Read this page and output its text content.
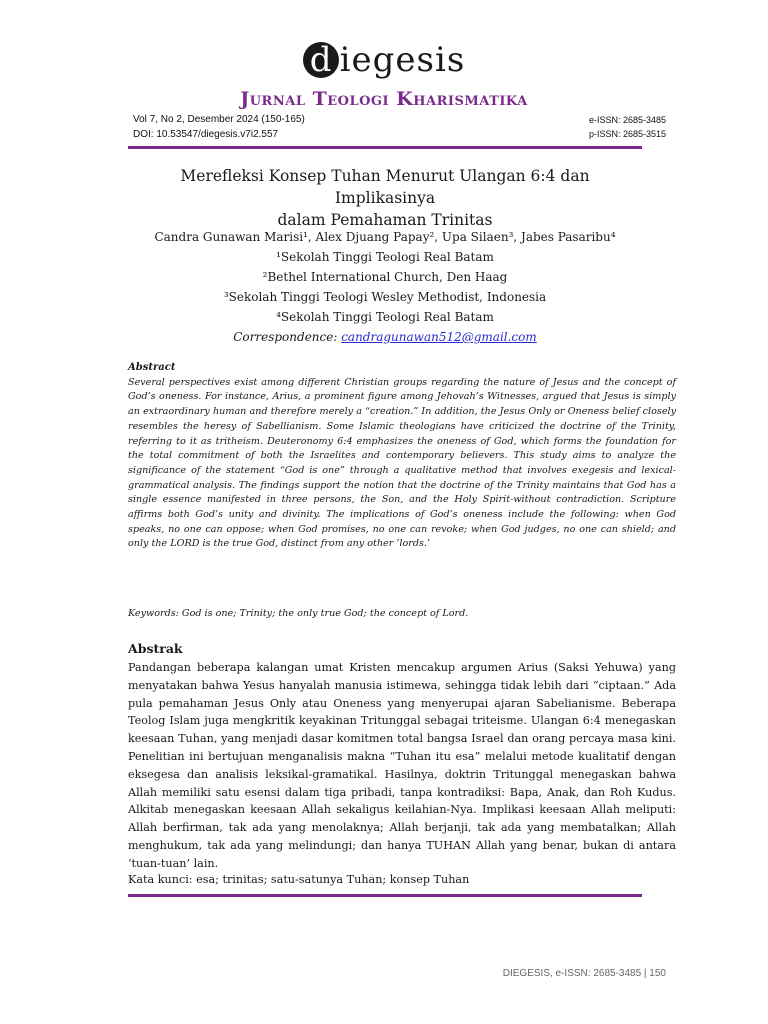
d iegesis
Jurnal Teologi Kharismatika
Vol 7, No 2, Desember 2024 (150-165)
DOI: 10.53547/diegesis.v7i2.557
e-ISSN: 2685-3485
p-ISSN: 2685-3515
Merefleksi Konsep Tuhan Menurut Ulangan 6:4 dan Implikasinya
dalam Pemahaman Trinitas
Candra Gunawan Marisi¹, Alex Djuang Papay², Upa Silaen³, Jabes Pasaribu⁴
¹Sekolah Tinggi Teologi Real Batam
²Bethel International Church, Den Haag
³Sekolah Tinggi Teologi Wesley Methodist, Indonesia
⁴Sekolah Tinggi Teologi Real Batam
Correspondence: candragunawan512@gmail.com
Abstract
Several perspectives exist among different Christian groups regarding the nature of Jesus and the concept of God’s oneness. For instance, Arius, a prominent figure among Jehovah’s Witnesses, argued that Jesus is simply an extraordinary human and therefore merely a “creation.” In addition, the Jesus Only or Oneness belief closely resembles the heresy of Sabellianism. Some Islamic theologians have criticized the doctrine of the Trinity, referring to it as tritheism. Deuteronomy 6:4 emphasizes the oneness of God, which forms the foundation for the total commitment of both the Israelites and contemporary believers. This study aims to analyze the significance of the statement “God is one” through a qualitative method that involves exegesis and lexical-grammatical analysis. The findings support the notion that the doctrine of the Trinity maintains that God has a single essence manifested in three persons, the Son, and the Holy Spirit-without contradiction. Scripture affirms both God’s unity and divinity. The implications of God’s oneness include the following: when God speaks, no one can oppose; when God promises, no one can revoke; when God judges, no one can shield; and only the LORD is the true God, distinct from any other ’lords.’
Keywords: God is one; Trinity; the only true God; the concept of Lord.
Abstrak
Pandangan beberapa kalangan umat Kristen mencakup argumen Arius (Saksi Yehuwa) yang menyatakan bahwa Yesus hanyalah manusia istimewa, sehingga tidak lebih dari “ciptaan.” Ada pula pemahaman Jesus Only atau Oneness yang menyerupai ajaran Sabelianisme. Beberapa Teolog Islam juga mengkritik keyakinan Tritunggal sebagai triteisme. Ulangan 6:4 menegaskan keesaan Tuhan, yang menjadi dasar komitmen total bangsa Israel dan orang percaya masa kini. Penelitian ini bertujuan menganalisis makna “Tuhan itu esa” melalui metode kualitatif dengan eksegesa dan analisis leksikal-gramatikal. Hasilnya, doktrin Tritunggal menegaskan bahwa Allah memiliki satu esensi dalam tiga pribadi, tanpa kontradiksi: Bapa, Anak, dan Roh Kudus. Alkitab menegaskan keesaan Allah sekaligus keilahian-Nya. Implikasi keesaan Allah meliputi: Allah berfirman, tak ada yang menolaknya; Allah berjanji, tak ada yang membatalkan; Allah menghukum, tak ada yang melindungi; dan hanya TUHAN Allah yang benar, bukan di antara ‘tuan-tuan’ lain.
Kata kunci: esa; trinitas; satu-satunya Tuhan; konsep Tuhan
DIEGESIS, e-ISSN: 2685-3485 | 150
